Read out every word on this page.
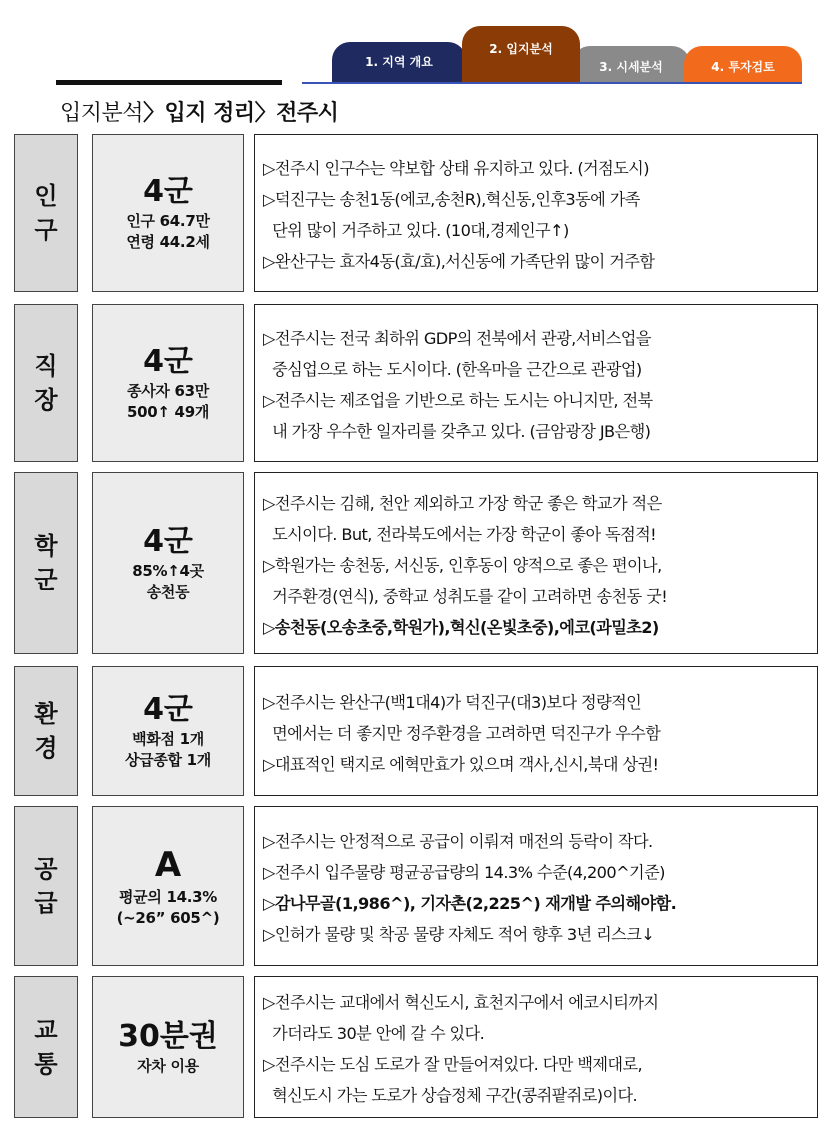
1. 지역 개요
2. 입지분석
3. 시세분석	4. 투자검토
입지분석〉입지 정리〉전주시
인구
4군
인구 64.7만
연령 44.2세
▷전주시 인구수는 약보합 상태 유지하고 있다. (거점도시)
▷덕진구는 송천1동(에코,송천R),혁신동,인후3동에 가족
단위 많이 거주하고 있다. (10대,경제인구↑)
▷완산구는 효자4동(효/효),서신동에 가족단위 많이 거주함
직장
4군
종사자 63만
500↑ 49개
▷전주시는 전국 최하위 GDP의 전북에서 관광,서비스업을
중심업으로 하는 도시이다. (한옥마을 근간으로 관광업)
▷전주시는 제조업을 기반으로 하는 도시는 아니지만, 전북
내 가장 우수한 일자리를 갖추고 있다. (금암광장 JB은행)
학군
4군
85%↑4곳
송천동
▷전주시는 김해, 천안 제외하고 가장 학군 좋은 학교가 적은
도시이다. But, 전라북도에서는 가장 학군이 좋아 독점적!
▷학원가는 송천동, 서신동, 인후동이 양적으로 좋은 편이나,
거주환경(연식), 중학교 성취도를 같이 고려하면 송천동 굿!
▷송천동(오송초중,학원가),혁신(온빛초중),에코(과밀초2)
환경
4군
백화점 1개
상급종합 1개
▷전주시는 완산구(백1대4)가 덕진구(대3)보다 정량적인
면에서는 더 좋지만 정주환경을 고려하면 덕진구가 우수함
▷대표적인 택지로 에혁만효가 있으며 객사,신시,북대 상권!
공급
A
평균의 14.3%
(~26” 605^)
▷전주시는 안정적으로 공급이 이뤄져 매전의 등락이 작다.
▷전주시 입주물량 평균공급량의 14.3% 수준(4,200^기준)
▷감나무골(1,986^), 기자촌(2,225^) 재개발 주의해야함.
▷인허가 물량 및 착공 물량 자체도 적어 향후 3년 리스크↓
교통
30분권
자차 이용
▷전주시는 교대에서 혁신도시, 효천지구에서 에코시티까지
가더라도 30분 안에 갈 수 있다.
▷전주시는 도심 도로가 잘 만들어져있다. 다만 백제대로,
혁신도시 가는 도로가 상습정체 구간(콩쥐팥쥐로)이다.
